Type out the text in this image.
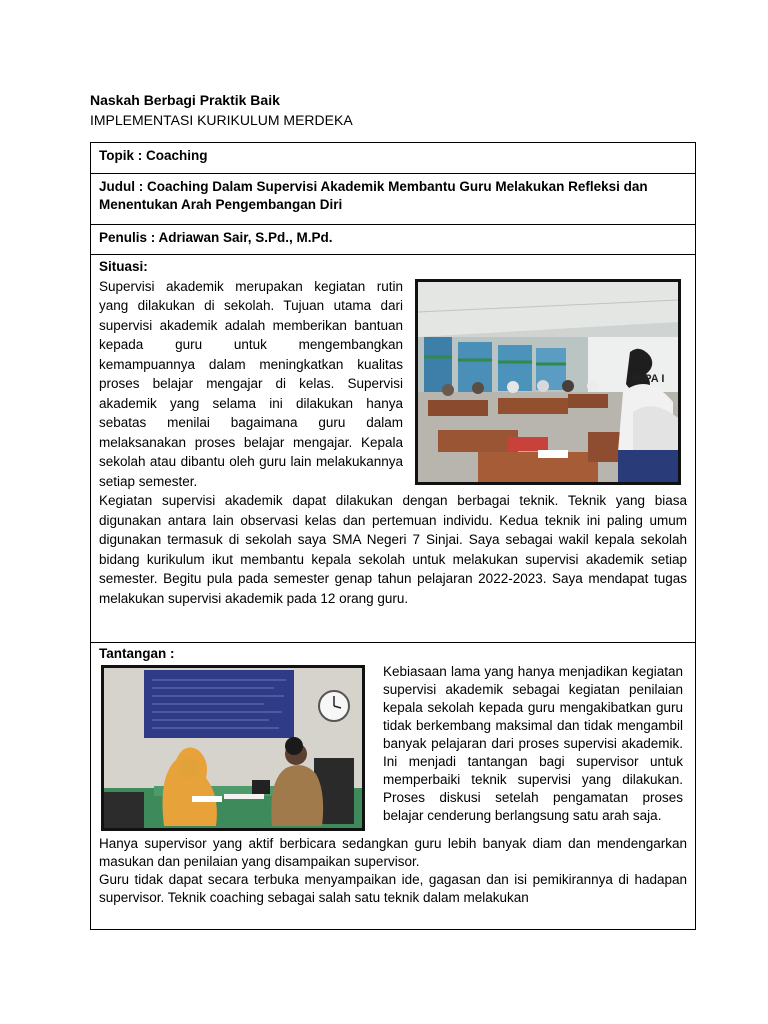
Naskah Berbagi Praktik Baik
IMPLEMENTASI KURIKULUM MERDEKA
Topik : Coaching
Judul : Coaching Dalam Supervisi Akademik Membantu Guru Melakukan Refleksi dan Menentukan Arah Pengembangan Diri
Penulis : Adriawan Sair, S.Pd., M.Pd.
Situasi:
MIPA I
Supervisi akademik merupakan kegiatan rutin yang dilakukan di sekolah. Tujuan utama dari supervisi akademik adalah memberikan bantuan kepada guru untuk mengembangkan kemampuannya dalam meningkatkan kualitas proses belajar mengajar di kelas. Supervisi akademik yang selama ini dilakukan hanya sebatas menilai bagaimana guru dalam melaksanakan proses belajar mengajar. Kepala sekolah atau dibantu oleh guru lain melakukannya setiap semester.
Kegiatan supervisi akademik dapat dilakukan dengan berbagai teknik. Teknik yang biasa digunakan antara lain observasi kelas dan pertemuan individu. Kedua teknik ini paling umum digunakan termasuk di sekolah saya SMA Negeri 7 Sinjai. Saya sebagai wakil kepala sekolah bidang kurikulum ikut membantu kepala sekolah untuk melakukan supervisi akademik setiap semester. Begitu pula pada semester genap tahun pelajaran 2022-2023. Saya mendapat tugas melakukan supervisi akademik pada 12 orang guru.
Tantangan :
Kebiasaan lama yang hanya menjadikan kegiatan supervisi akademik sebagai kegiatan penilaian kepala sekolah kepada guru mengakibatkan guru tidak berkembang maksimal dan tidak mengambil banyak pelajaran dari proses supervisi akademik. Ini menjadi tantangan bagi supervisor untuk memperbaiki teknik supervisi yang dilakukan. Proses diskusi setelah pengamatan proses belajar cenderung berlangsung satu arah saja.
Hanya supervisor yang aktif berbicara sedangkan guru lebih banyak diam dan mendengarkan masukan dan penilaian yang disampaikan supervisor.
Guru tidak dapat secara terbuka menyampaikan ide, gagasan dan isi pemikirannya di hadapan supervisor. Teknik coaching sebagai salah satu teknik dalam melakukan
